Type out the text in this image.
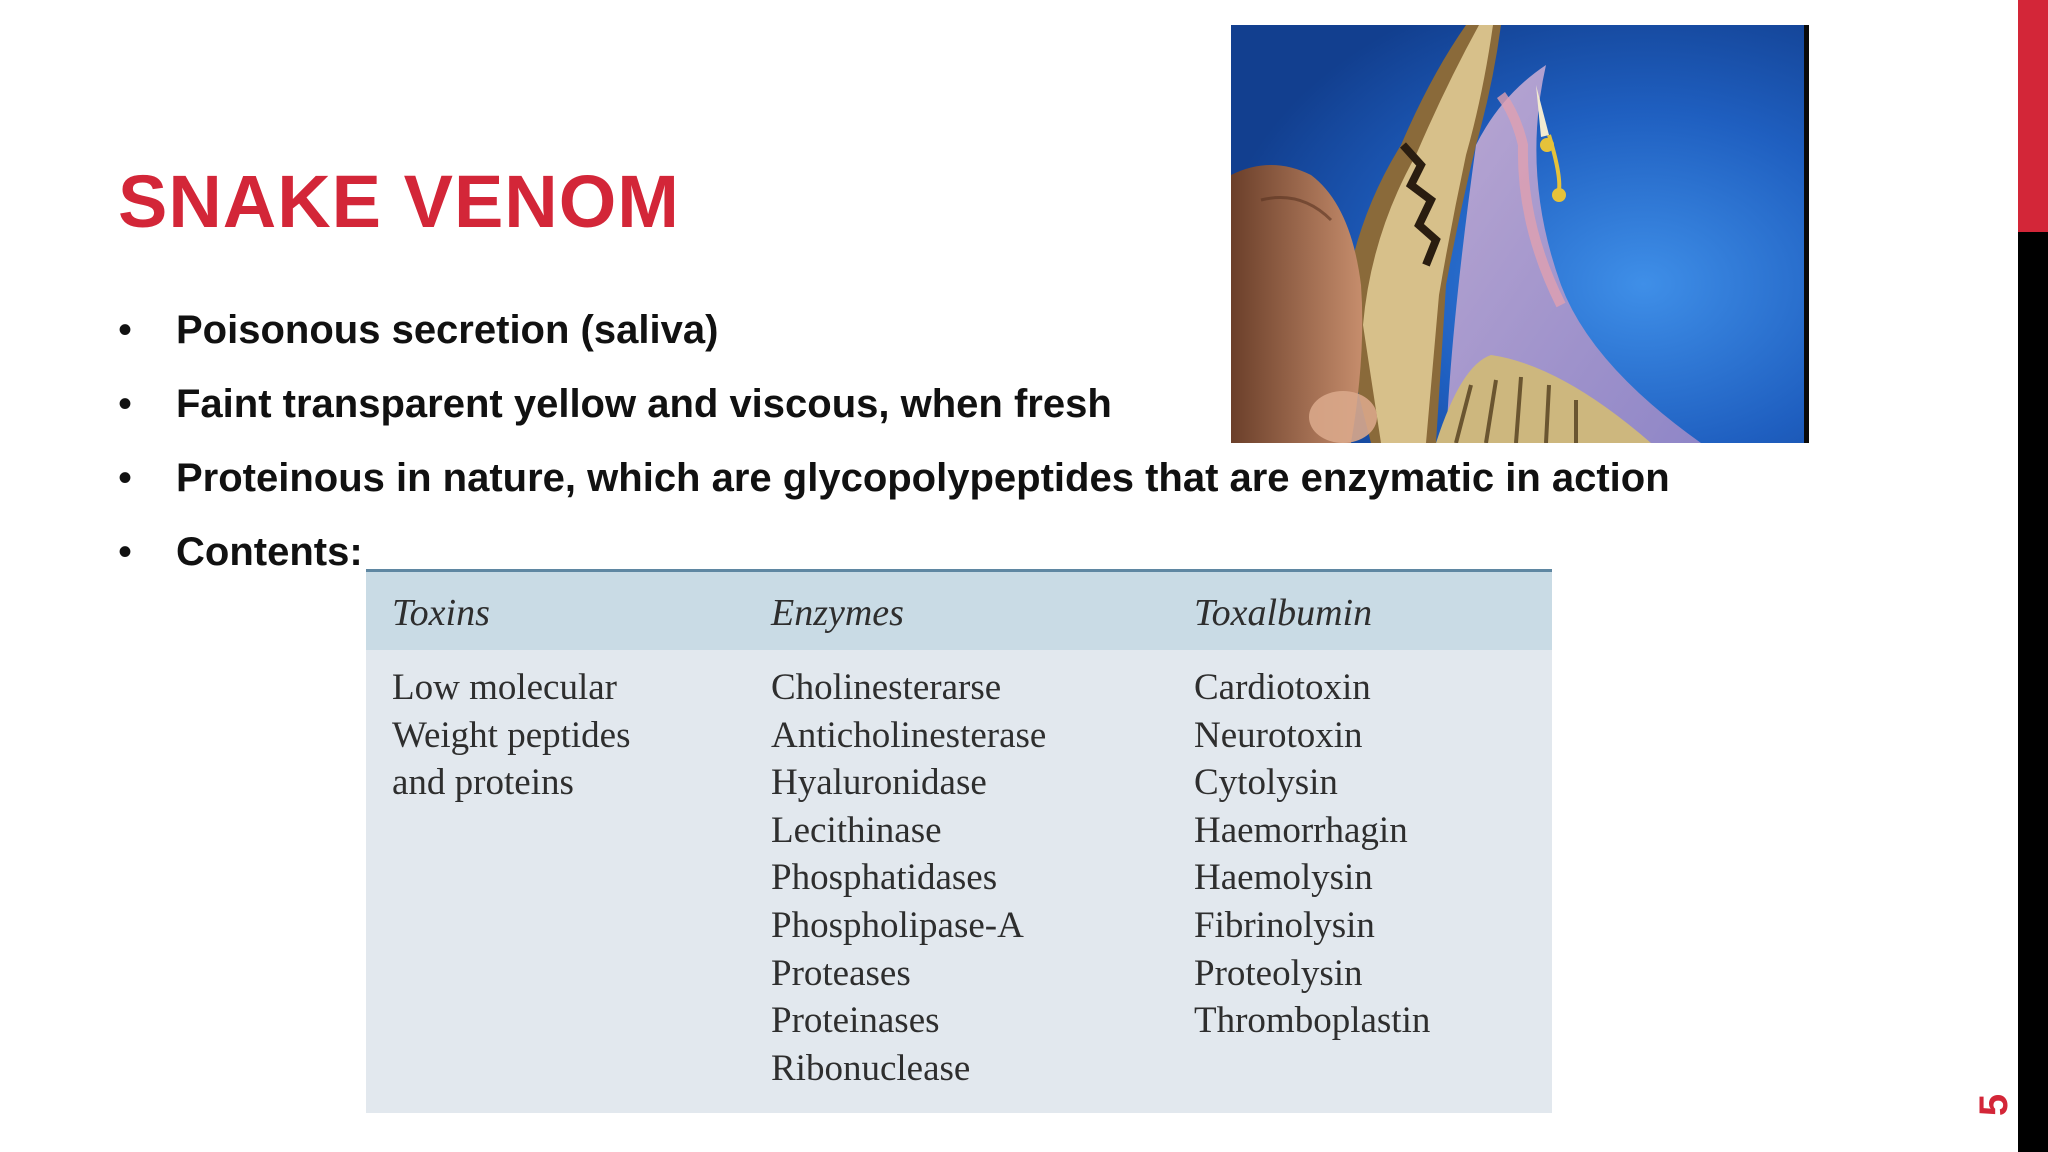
SNAKE VENOM
• Poisonous secretion (saliva)
• Faint transparent yellow and viscous, when fresh
• Proteinous in nature, which are glycopolypeptides that are enzymatic in action
• Contents:
Toxins	Enzymes	Toxalbumin
Low molecular
Weight peptides
and proteins
Cholinesterarse
Anticholinesterase
Hyaluronidase
Lecithinase
Phosphatidases
Phospholipase-A
Proteases
Proteinases
Ribonuclease
Cardiotoxin
Neurotoxin
Cytolysin
Haemorrhagin
Haemolysin
Fibrinolysin
Proteolysin
Thromboplastin
5
